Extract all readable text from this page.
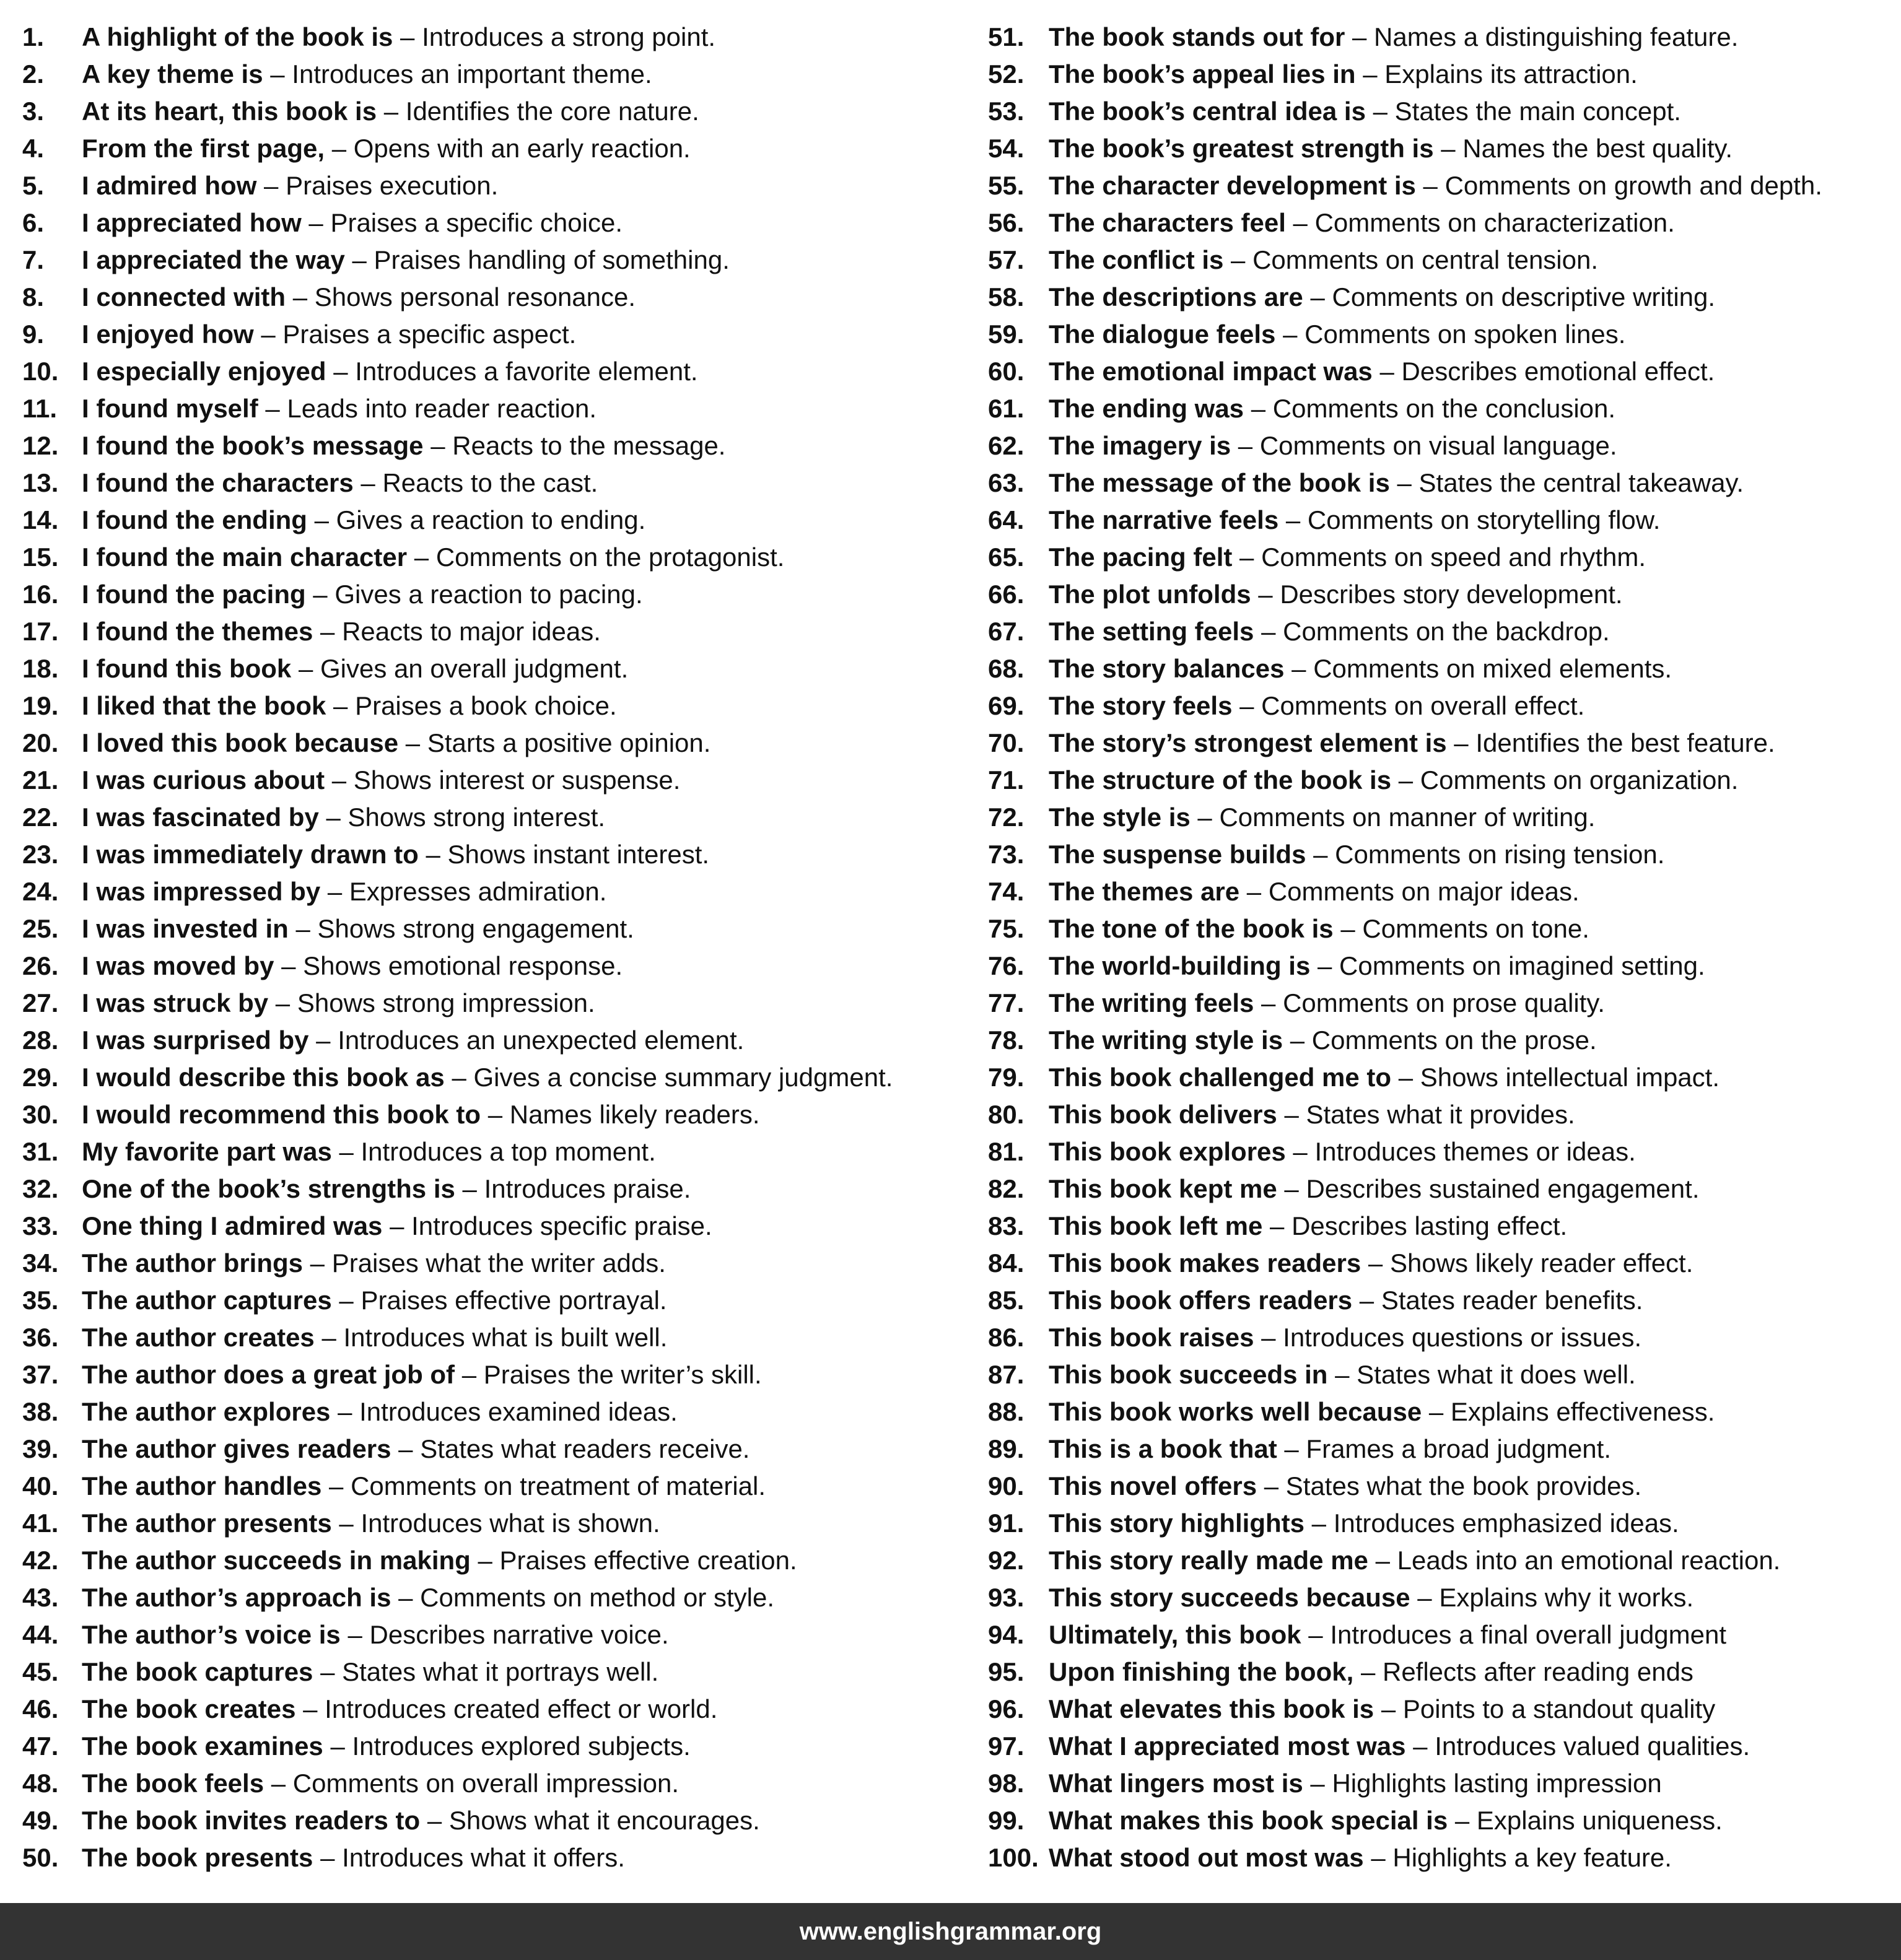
1.	A highlight of the book is – Introduces a strong point.
2.	A key theme is – Introduces an important theme.
3.	At its heart, this book is – Identifies the core nature.
4.	From the first page, – Opens with an early reaction.
5.	I admired how – Praises execution.
6.	I appreciated how – Praises a specific choice.
7.	I appreciated the way – Praises handling of something.
8.	I connected with – Shows personal resonance.
9.	I enjoyed how – Praises a specific aspect.
10. I especially enjoyed – Introduces a favorite element.
11. I found myself – Leads into reader reaction.
12. I found the book’s message – Reacts to the message.
13. I found the characters – Reacts to the cast.
14. I found the ending – Gives a reaction to ending.
15. I found the main character – Comments on the protagonist.
16. I found the pacing – Gives a reaction to pacing.
17. I found the themes – Reacts to major ideas.
18. I found this book – Gives an overall judgment.
19. I liked that the book – Praises a book choice.
20. I loved this book because – Starts a positive opinion.
21. I was curious about – Shows interest or suspense.
22. I was fascinated by – Shows strong interest.
23. I was immediately drawn to – Shows instant interest.
24. I was impressed by – Expresses admiration.
25. I was invested in – Shows strong engagement.
26. I was moved by – Shows emotional response.
27. I was struck by – Shows strong impression.
28. I was surprised by – Introduces an unexpected element.
29. I would describe this book as – Gives a concise summary judgment.
30. I would recommend this book to – Names likely readers.
31. My favorite part was – Introduces a top moment.
32. One of the book’s strengths is – Introduces praise.
33. One thing I admired was – Introduces specific praise.
34. The author brings – Praises what the writer adds.
35. The author captures – Praises effective portrayal.
36. The author creates – Introduces what is built well.
37. The author does a great job of – Praises the writer’s skill.
38. The author explores – Introduces examined ideas.
39. The author gives readers – States what readers receive.
40. The author handles – Comments on treatment of material.
41. The author presents – Introduces what is shown.
42. The author succeeds in making – Praises effective creation.
43. The author’s approach is – Comments on method or style.
44. The author’s voice is – Describes narrative voice.
45. The book captures – States what it portrays well.
46. The book creates – Introduces created effect or world.
47. The book examines – Introduces explored subjects.
48. The book feels – Comments on overall impression.
49. The book invites readers to – Shows what it encourages.
50. The book presents – Introduces what it offers.
51. The book stands out for – Names a distinguishing feature.
52. The book’s appeal lies in – Explains its attraction.
53. The book’s central idea is – States the main concept.
54. The book’s greatest strength is – Names the best quality.
55. The character development is – Comments on growth and depth.
56. The characters feel – Comments on characterization.
57. The conflict is – Comments on central tension.
58. The descriptions are – Comments on descriptive writing.
59. The dialogue feels – Comments on spoken lines.
60. The emotional impact was – Describes emotional effect.
61. The ending was – Comments on the conclusion.
62. The imagery is – Comments on visual language.
63. The message of the book is – States the central takeaway.
64. The narrative feels – Comments on storytelling flow.
65. The pacing felt – Comments on speed and rhythm.
66. The plot unfolds – Describes story development.
67. The setting feels – Comments on the backdrop.
68. The story balances – Comments on mixed elements.
69. The story feels – Comments on overall effect.
70. The story’s strongest element is – Identifies the best feature.
71. The structure of the book is – Comments on organization.
72. The style is – Comments on manner of writing.
73. The suspense builds – Comments on rising tension.
74. The themes are – Comments on major ideas.
75. The tone of the book is – Comments on tone.
76. The world-building is – Comments on imagined setting.
77. The writing feels – Comments on prose quality.
78. The writing style is – Comments on the prose.
79. This book challenged me to – Shows intellectual impact.
80. This book delivers – States what it provides.
81. This book explores – Introduces themes or ideas.
82. This book kept me – Describes sustained engagement.
83. This book left me – Describes lasting effect.
84. This book makes readers – Shows likely reader effect.
85. This book offers readers – States reader benefits.
86. This book raises – Introduces questions or issues.
87. This book succeeds in – States what it does well.
88. This book works well because – Explains effectiveness.
89. This is a book that – Frames a broad judgment.
90. This novel offers – States what the book provides.
91. This story highlights – Introduces emphasized ideas.
92. This story really made me – Leads into an emotional reaction.
93. This story succeeds because – Explains why it works.
94. Ultimately, this book – Introduces a final overall judgment
95. Upon finishing the book, – Reflects after reading ends
96. What elevates this book is – Points to a standout quality
97. What I appreciated most was – Introduces valued qualities.
98. What lingers most is – Highlights lasting impression
99. What makes this book special is – Explains uniqueness.
100. What stood out most was – Highlights a key feature.
www.englishgrammar.org
